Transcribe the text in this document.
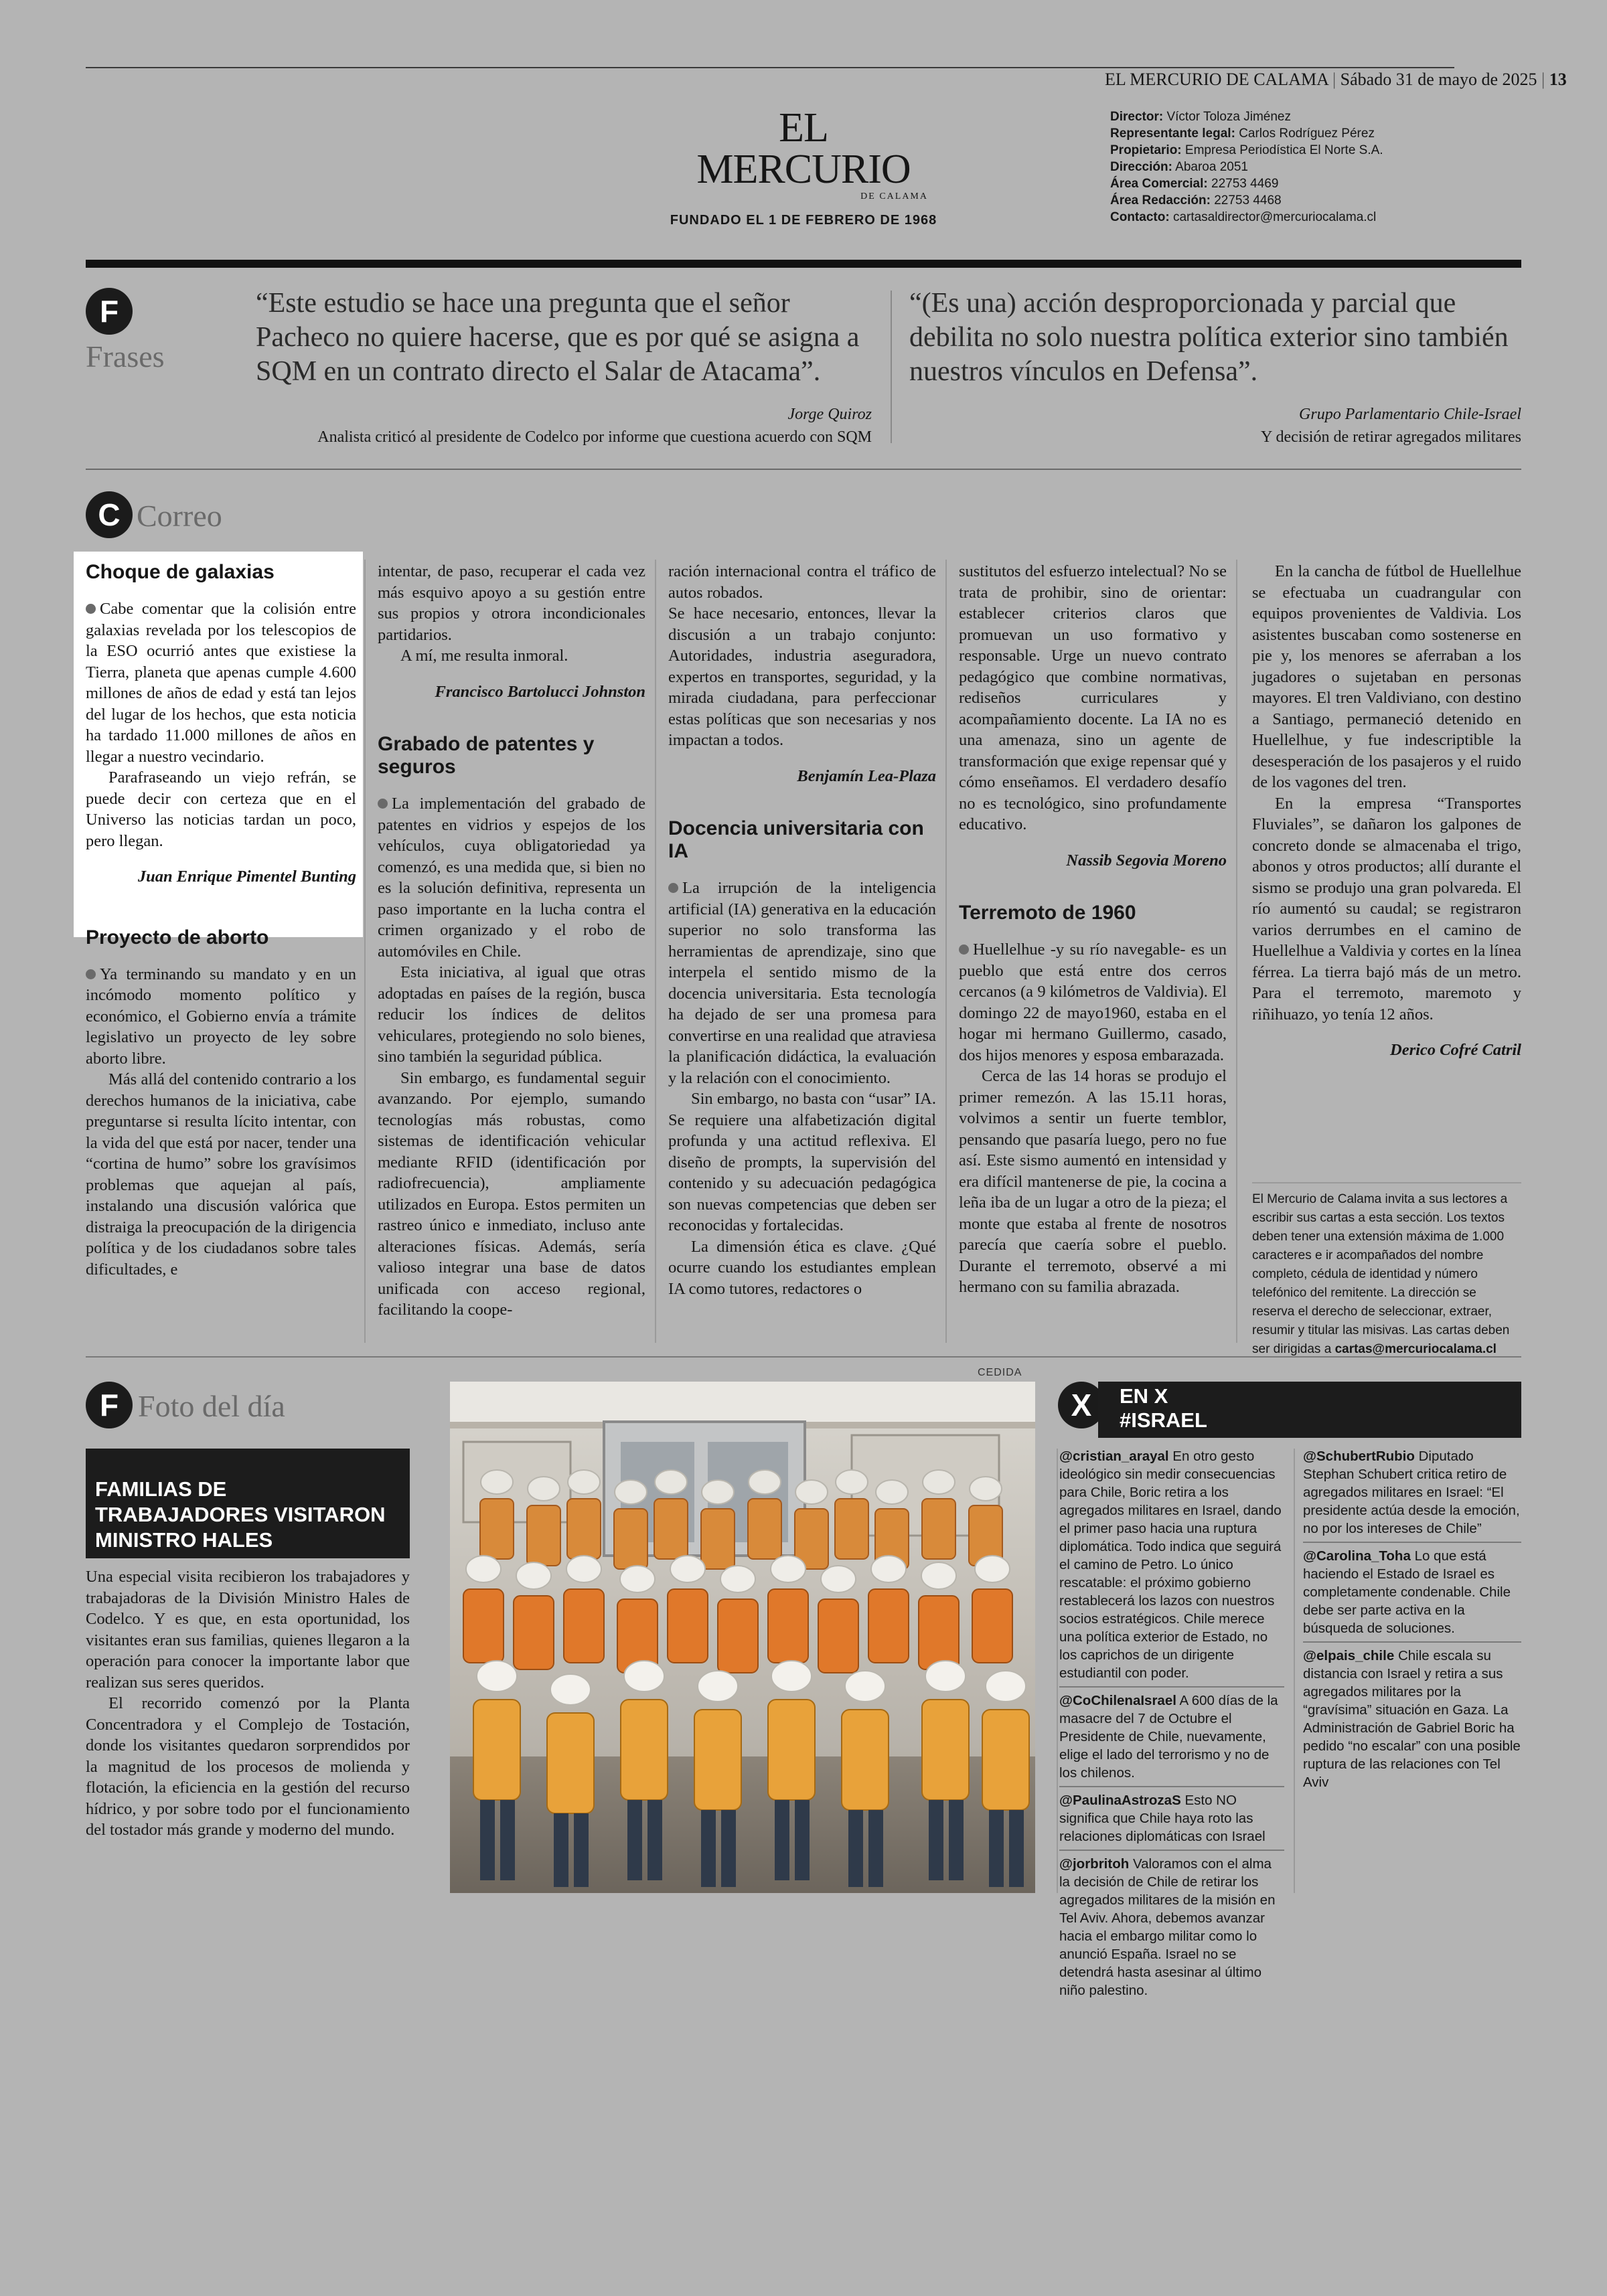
EL MERCURIO DE CALAMA | Sábado 31 de mayo de 2025 | 13
EL MERCURIO
DE CALAMA
FUNDADO EL 1 DE FEBRERO DE 1968
Director: Víctor Toloza Jiménez
Representante legal: Carlos Rodríguez Pérez
Propietario: Empresa Periodística El Norte S.A.
Dirección: Abaroa 2051
Área Comercial: 22753 4469
Área Redacción: 22753 4468
Contacto: cartasaldirector@mercuriocalama.cl
F
Frases
“Este estudio se hace una pregunta que el señor Pacheco no quiere hacerse, que es por qué se asigna a SQM en un contrato directo el Salar de Atacama”.
Jorge Quiroz
Analista criticó al presidente de Codelco por informe que cuestiona acuerdo con SQM
“(Es una) acción desproporcionada y parcial que debilita no solo nuestra política exterior sino también nuestros vínculos en Defensa”.
Grupo Parlamentario Chile-Israel
Y decisión de retirar agregados militares
C Correo
Choque de galaxias

Cabe comentar que la colisión entre galaxias revelada por los telescopios de la ESO ocurrió antes que existiese la Tierra, planeta que apenas cumple 4.600 millones de años de edad y está tan lejos del lugar de los hechos, que esta noticia ha tardado 11.000 millones de años en llegar a nuestro vecindario.

Parafraseando un viejo refrán, se puede decir con certeza que en el Universo las noticias tardan un poco, pero llegan.

Juan Enrique Pimentel Bunting

Proyecto de aborto

Ya terminando su mandato y en un incómodo momento político y económico, el Gobierno envía a trámite legislativo un proyecto de ley sobre aborto libre.

Más allá del contenido contrario a los derechos humanos de la iniciativa, cabe preguntarse si resulta lícito intentar, con la vida del que está por nacer, tender una “cortina de humo” sobre los gravísimos problemas que aquejan al país, instalando una discusión valórica que distraiga la preocupación de la dirigencia política y de los ciudadanos sobre tales dificultades, e

intentar, de paso, recuperar el cada vez más esquivo apoyo a su gestión entre sus propios y otrora incondicionales partidarios.

A mí, me resulta inmoral.

Francisco Bartolucci Johnston

Grabado de patentes y seguros

La implementación del grabado de patentes en vidrios y espejos de los vehículos, cuya obligatoriedad ya comenzó, es una medida que, si bien no es la solución definitiva, representa un paso importante en la lucha contra el crimen organizado y el robo de automóviles en Chile.

Esta iniciativa, al igual que otras adoptadas en países de la región, busca reducir los índices de delitos vehiculares, protegiendo no solo bienes, sino también la seguridad pública.

Sin embargo, es fundamental seguir avanzando. Por ejemplo, sumando tecnologías más robustas, como sistemas de identificación vehicular mediante RFID (identificación por radiofrecuencia), ampliamente utilizados en Europa. Estos permiten un rastreo único e inmediato, incluso ante alteraciones físicas. Además, sería valioso integrar una base de datos unificada con acceso regional, facilitando la coope-

ración internacional contra el tráfico de autos robados.

Se hace necesario, entonces, llevar la discusión a un trabajo conjunto: Autoridades, industria aseguradora, expertos en transportes, seguridad, y la mirada ciudadana, para perfeccionar estas políticas que son necesarias y nos impactan a todos.

Benjamín Lea-Plaza

Docencia universitaria con IA

La irrupción de la inteligencia artificial (IA) generativa en la educación superior no solo transforma las herramientas de aprendizaje, sino que interpela el sentido mismo de la docencia universitaria. Esta tecnología ha dejado de ser una promesa para convertirse en una realidad que atraviesa la planificación didáctica, la evaluación y la relación con el conocimiento.

Sin embargo, no basta con “usar” IA. Se requiere una alfabetización digital profunda y una actitud reflexiva. El diseño de prompts, la supervisión del contenido y su adecuación pedagógica son nuevas competencias que deben ser reconocidas y fortalecidas.

La dimensión ética es clave. ¿Qué ocurre cuando los estudiantes emplean IA como tutores, redactores o

sustitutos del esfuerzo intelectual? No se trata de prohibir, sino de orientar: establecer criterios claros que promuevan un uso formativo y responsable. Urge un nuevo contrato pedagógico que combine normativas, rediseños curriculares y acompañamiento docente. La IA no es una amenaza, sino un agente de transformación que exige repensar qué y cómo enseñamos. El verdadero desafío no es tecnológico, sino profundamente educativo.

Nassib Segovia Moreno

Terremoto de 1960

Huellelhue -y su río navegable- es un pueblo que está entre dos cerros cercanos (a 9 kilómetros de Valdivia). El domingo 22 de mayo1960, estaba en el hogar mi hermano Guillermo, casado, dos hijos menores y esposa embarazada.

Cerca de las 14 horas se produjo el primer remezón. A las 15.11 horas, volvimos a sentir un fuerte temblor, pensando que pasaría luego, pero no fue así. Este sismo aumentó en intensidad y era difícil mantenerse de pie, la cocina a leña iba de un lugar a otro de la pieza; el monte que estaba al frente de nosotros parecía que caería sobre el pueblo. Durante el terremoto, observé a mi hermano con su familia abrazada.

En la cancha de fútbol de Huellelhue se efectuaba un cuadrangular con equipos provenientes de Valdivia. Los asistentes buscaban como sostenerse en pie y, los menores se aferraban a los jugadores o sujetaban en personas mayores. El tren Valdiviano, con destino a Santiago, permaneció detenido en Huellelhue, y fue indescriptible la desesperación de los pasajeros y el ruido de los vagones del tren.

En la empresa “Transportes Fluviales”, se dañaron los galpones de concreto donde se almacenaba el trigo, abonos y otros productos; allí durante el sismo se produjo una gran polvareda. El río aumentó su caudal; se registraron varios derrumbes en el camino de Huellelhue a Valdivia y cortes en la línea férrea. La tierra bajó más de un metro. Para el terremoto, maremoto y riñihuazo, yo tenía 12 años.

Derico Cofré Catril

El Mercurio de Calama invita a sus lectores a escribir sus cartas a esta sección. Los textos deben tener una extensión máxima de 1.000 caracteres e ir acompañados del nombre completo, cédula de identidad y número telefónico del remitente. La dirección se reserva el derecho de seleccionar, extraer, resumir y titular las misivas. Las cartas deben ser dirigidas a cartas@mercuriocalama.cl
F Foto del día
FAMILIAS DE TRABAJADORES VISITARON MINISTRO HALES

Una especial visita recibieron los trabajadores y trabajadoras de la División Ministro Hales de Codelco. Y es que, en esta oportunidad, los visitantes eran sus familias, quienes llegaron a la operación para conocer la importante labor que realizan sus seres queridos.

El recorrido comenzó por la Planta Concentradora y el Complejo de Tostación, donde los visitantes quedaron sorprendidos por la magnitud de los procesos de molienda y flotación, la eficiencia en la gestión del recurso hídrico, y por sobre todo por el funcionamiento del tostador más grande y moderno del mundo.

CEDIDA
X	EN X
#ISRAEL
@cristian_arayal En otro gesto ideológico sin medir consecuencias para Chile, Boric retira a los agregados militares en Israel, dando el primer paso hacia una ruptura diplomática. Todo indica que seguirá el camino de Petro. Lo único rescatable: el próximo gobierno restablecerá los lazos con nuestros socios estratégicos. Chile merece una política exterior de Estado, no los caprichos de un dirigente estudiantil con poder.
@CoChilenaIsrael A 600 días de la masacre del 7 de Octubre el Presidente de Chile, nuevamente, elige el lado del terrorismo y no de los chilenos.
@PaulinaAstrozaS Esto NO significa que Chile haya roto las relaciones diplomáticas con Israel
@jorbritoh Valoramos con el alma la decisión de Chile de retirar los agregados militares de la misión en Tel Aviv. Ahora, debemos avanzar hacia el embargo militar como lo anunció España. Israel no se detendrá hasta asesinar al último niño palestino.
@SchubertRubio Diputado Stephan Schubert critica retiro de agregados militares en Israel: “El presidente actúa desde la emoción, no por los intereses de Chile”
@Carolina_Toha Lo que está haciendo el Estado de Israel es completamente condenable. Chile debe ser parte activa en la búsqueda de soluciones.
@elpais_chile Chile escala su distancia con Israel y retira a sus agregados militares por la “gravísima” situación en Gaza. La Administración de Gabriel Boric ha pedido “no escalar” con una posible ruptura de las relaciones con Tel Aviv
